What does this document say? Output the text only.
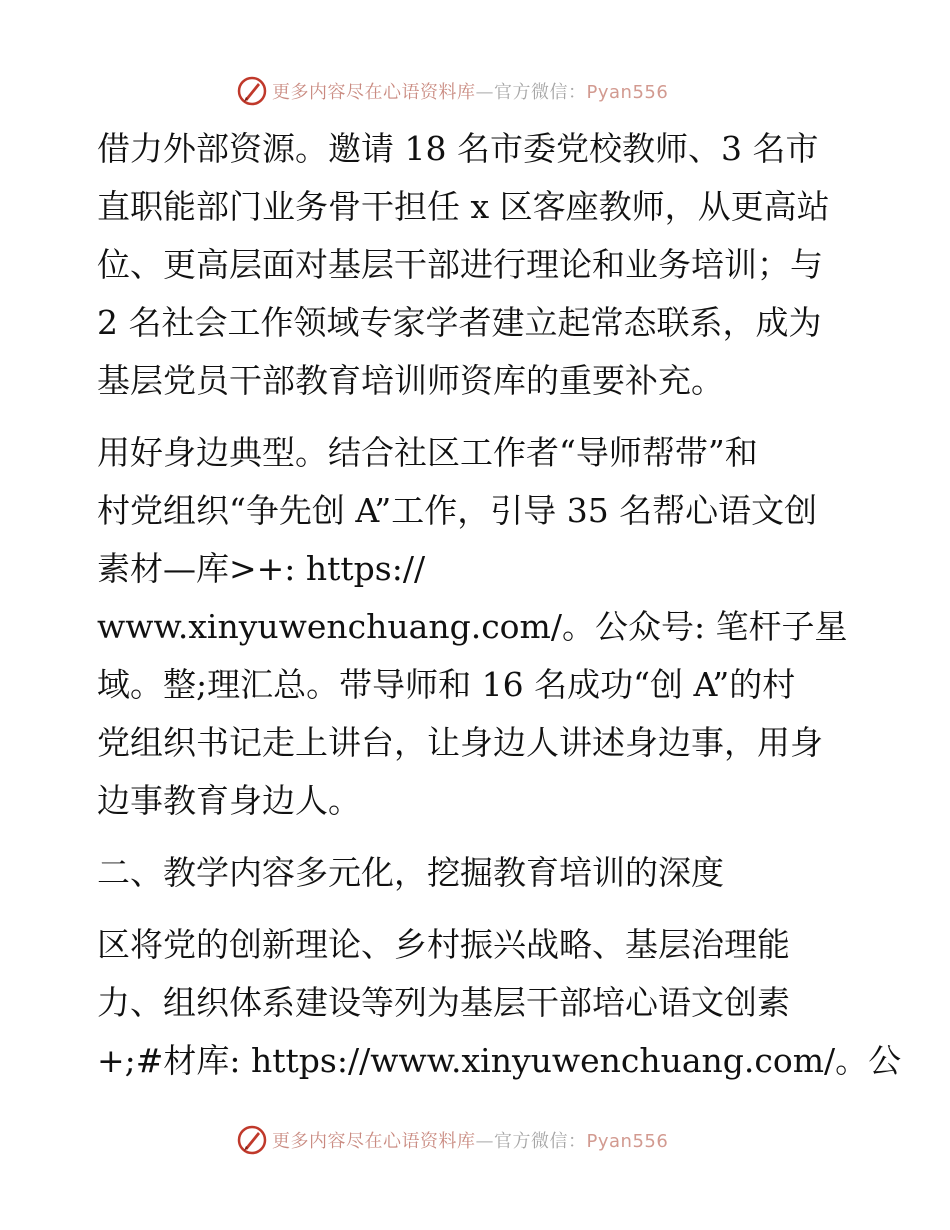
更多内容尽在心语资料库—官方微信：Pyan556
借力外部资源。邀请 18 名市委党校教师、3 名市
直职能部门业务骨干担任 x 区客座教师，从更高站
位、更高层面对基层干部进行理论和业务培训；与
2 名社会工作领域专家学者建立起常态联系，成为
基层党员干部教育培训师资库的重要补充。
用好身边典型。结合社区工作者“导师帮带”和
村党组织“争先创 A”工作，引导 35 名帮心语文创
素材—库>+: https://
www.xinyuwenchuang.com/。公众号: 笔杆子星
域。整;理汇总。带导师和 16 名成功“创 A”的村
党组织书记走上讲台，让身边人讲述身边事，用身
边事教育身边人。
二、教学内容多元化，挖掘教育培训的深度
区将党的创新理论、乡村振兴战略、基层治理能
力、组织体系建设等列为基层干部培心语文创素
+;#材库: https://www.xinyuwenchuang.com/。公
更多内容尽在心语资料库—官方微信：Pyan556
